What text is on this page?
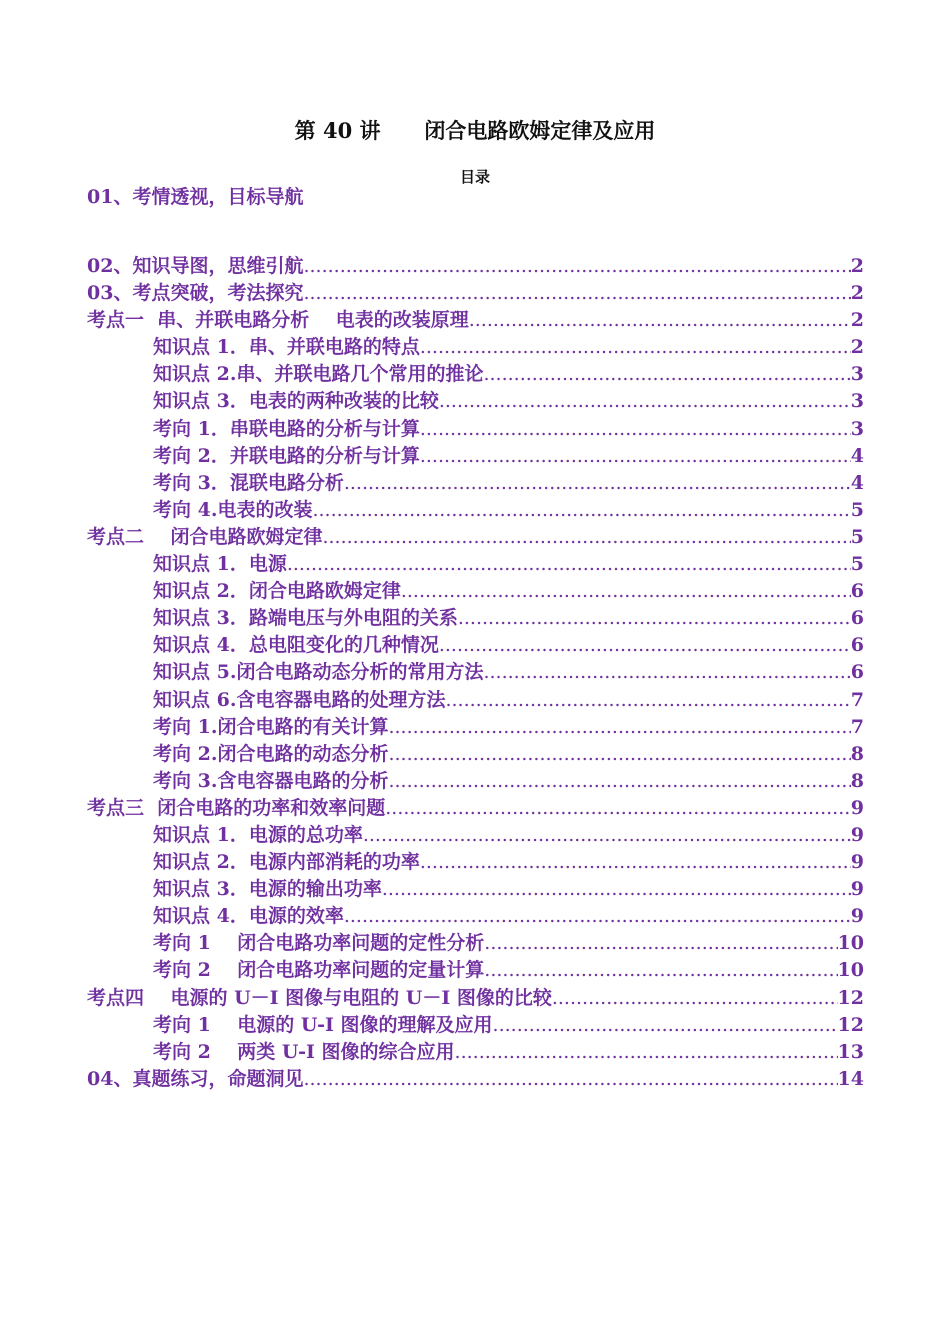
第 40 讲      闭合电路欧姆定律及应用
目录
01、考情透视，目标导航
02、知识导图，思维引航 .....	2
03、考点突破，考法探究 .....	2
考点一  串、并联电路分析    电表的改装原理 .....	2
知识点 1．串、并联电路的特点 .....	2
知识点 2.串、并联电路几个常用的推论 .....	3
知识点 3．电表的两种改装的比较 .....	3
考向 1．串联电路的分析与计算 .....	3
考向 2．并联电路的分析与计算 .....	4
考向 3．混联电路分析 .....	4
考向 4.电表的改装 .....	5
考点二    闭合电路欧姆定律 .....	5
知识点 1．电源 .....	5
知识点 2．闭合电路欧姆定律 .....	6
知识点 3．路端电压与外电阻的关系 .....	6
知识点 4．总电阻变化的几种情况 .....	6
知识点 5.闭合电路动态分析的常用方法 .....	6
知识点 6.含电容器电路的处理方法 .....	7
考向 1.闭合电路的有关计算 .....	7
考向 2.闭合电路的动态分析 .....	8
考向 3.含电容器电路的分析 .....	8
考点三  闭合电路的功率和效率问题 .....	9
知识点 1．电源的总功率 .....	9
知识点 2．电源内部消耗的功率 .....	9
知识点 3．电源的输出功率 .....	9
知识点 4．电源的效率 .....	9
考向 1    闭合电路功率问题的定性分析 .....	10
考向 2    闭合电路功率问题的定量计算 .....	10
考点四    电源的 U－I 图像与电阻的 U－I 图像的比较 .....	12
考向 1    电源的 U-I 图像的理解及应用 .....	12
考向 2    两类 U-I 图像的综合应用 .....	13
04、真题练习，命题洞见 .....	14
